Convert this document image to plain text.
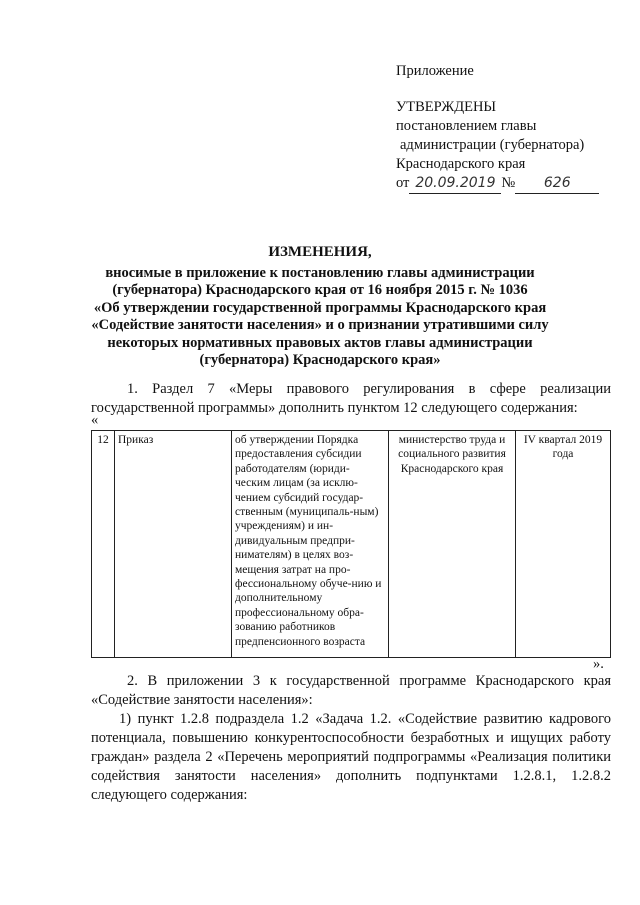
Приложение
УТВЕРЖДЕНЫ
постановлением главы
администрации (губернатора)
Краснодарского края
от 20.09.2019 №	626
ИЗМЕНЕНИЯ,
вносимые в приложение к постановлению главы администрации
(губернатора) Краснодарского края от 16 ноября 2015 г. № 1036
«Об утверждении государственной программы Краснодарского края
«Содействие занятости населения» и о признании утратившими силу
некоторых нормативных правовых актов главы администрации
(губернатора) Краснодарского края»
1. Раздел 7 «Меры правового регулирования в сфере реализации государственной программы» дополнить пунктом 12 следующего содержания:
«
12	Приказ	об утверждении Порядка предоставления субсидии работодателям (юриди-ческим лицам (за исклю-чением субсидий государ-ственным (муниципаль-ным) учреждениям) и ин-дивидуальным предпри-нимателям) в целях воз-мещения затрат на про-фессиональному обуче-нию и дополнительному профессиональному обра-зованию работников предпенсионного возраста	министерство труда и социального развития Краснодарского края	IV квартал 2019 года
».
2. В приложении 3 к государственной программе Краснодарского края «Содействие занятости населения»:
1) пункт 1.2.8 подраздела 1.2 «Задача 1.2. «Содействие развитию кадрового потенциала, повышению конкурентоспособности безработных и ищущих работу граждан» раздела 2 «Перечень мероприятий подпрограммы «Реализация политики содействия занятости населения» дополнить подпунктами 1.2.8.1, 1.2.8.2 следующего содержания:
